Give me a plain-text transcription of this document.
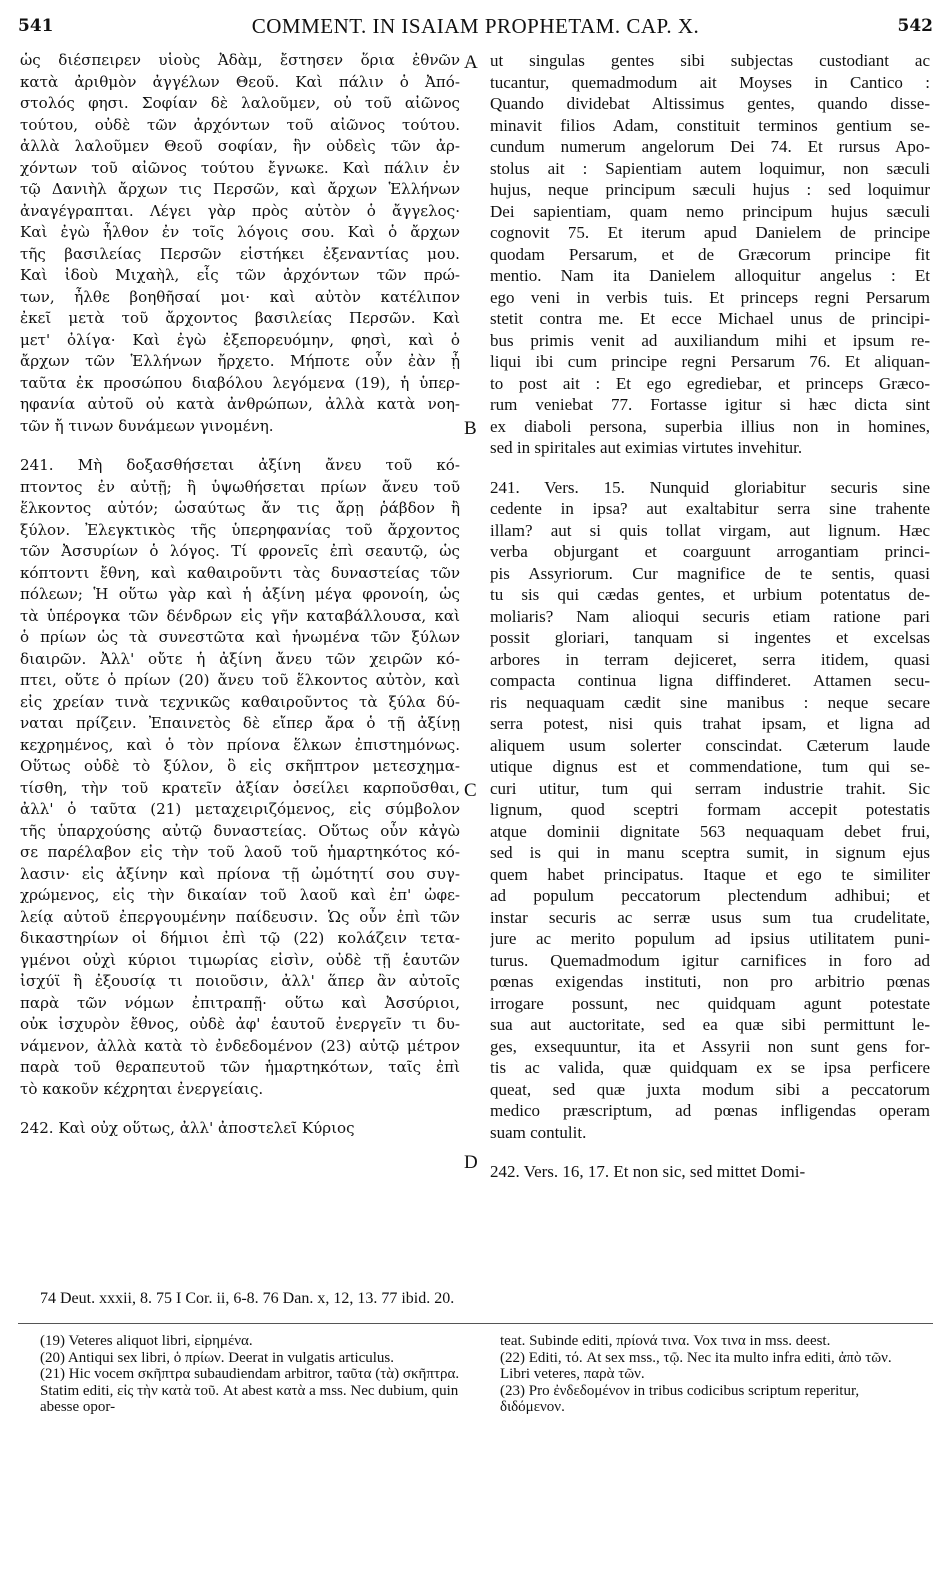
541	COMMENT. IN ISAIAM PROPHETAM. CAP. X.	542
ὡς διέσπειρεν υἱοὺς Ἀδὰμ, ἔστησεν ὅρια ἐθνῶν
κατὰ ἀριθμὸν ἀγγέλων Θεοῦ. Καὶ πάλιν ὁ Ἀπό-
στολός φησι. Σοφίαν δὲ λαλοῦμεν, οὐ τοῦ αἰῶνος
τούτου, οὐδὲ τῶν ἀρχόντων τοῦ αἰῶνος τούτου.
ἀλλὰ λαλοῦμεν Θεοῦ σοφίαν, ἣν οὐδεὶς τῶν ἀρ-
χόντων τοῦ αἰῶνος τούτου ἔγνωκε. Καὶ πάλιν ἐν
τῷ Δανιὴλ ἄρχων τις Περσῶν, καὶ ἄρχων Ἑλλήνων
ἀναγέγραπται. Λέγει γὰρ πρὸς αὐτὸν ὁ ἄγγελος·
Καὶ ἐγὼ ἦλθον ἐν τοῖς λόγοις σου. Καὶ ὁ ἄρχων
τῆς βασιλείας Περσῶν εἱστήκει ἐξεναντίας μου.
Καὶ ἰδοὺ Μιχαὴλ, εἷς τῶν ἀρχόντων τῶν πρώ-
των, ἦλθε βοηθῆσαί μοι· καὶ αὐτὸν κατέλιπον
ἐκεῖ μετὰ τοῦ ἄρχοντος βασιλείας Περσῶν. Καὶ
μετ' ὀλίγα· Καὶ ἐγὼ ἐξεπορευόμην, φησὶ, καὶ ὁ
ἄρχων τῶν Ἑλλήνων ἤρχετο. Μήποτε οὖν ἐὰν ᾖ
ταῦτα ἐκ προσώπου διαβόλου λεγόμενα (19), ἡ ὑπερ-
ηφανία αὐτοῦ οὐ κατὰ ἀνθρώπων, ἀλλὰ κατὰ νοη-
τῶν ἤ τινων δυνάμεων γινομένη.
241. Μὴ δοξασθήσεται ἀξίνη ἄνευ τοῦ κό-
πτοντος ἐν αὐτῇ; ἢ ὑψωθήσεται πρίων ἄνευ τοῦ
ἕλκοντος αὐτόν; ὡσαύτως ἄν τις ἄρῃ ῥάβδον ἢ
ξύλον. Ἐλεγκτικὸς τῆς ὑπερηφανίας τοῦ ἄρχοντος
τῶν Ἀσσυρίων ὁ λόγος. Τί φρονεῖς ἐπὶ σεαυτῷ, ὡς
κόπτοντι ἔθνη, καὶ καθαιροῦντι τὰς δυναστείας τῶν
πόλεων; Ἡ οὕτω γὰρ καὶ ἡ ἀξίνη μέγα φρονοίη, ὡς
τὰ ὑπέρογκα τῶν δένδρων εἰς γῆν καταβάλλουσα, καὶ
ὁ πρίων ὡς τὰ συνεστῶτα καὶ ἡνωμένα τῶν ξύλων
διαιρῶν. Ἀλλ' οὔτε ἡ ἀξίνη ἄνευ τῶν χειρῶν κό-
πτει, οὔτε ὁ πρίων (20) ἄνευ τοῦ ἕλκοντος αὐτὸν, καὶ
εἰς χρείαν τινὰ τεχνικῶς καθαιροῦντος τὰ ξύλα δύ-
ναται πρίζειν. Ἐπαινετὸς δὲ εἴπερ ἄρα ὁ τῇ ἀξίνῃ
κεχρημένος, καὶ ὁ τὸν πρίονα ἕλκων ἐπιστημόνως.
Οὕτως οὐδὲ τὸ ξύλον, ὃ εἰς σκῆπτρον μετεσχημα-
τίσθη, τὴν τοῦ κρατεῖν ἀξίαν ὀσείλει καρποῦσθαι,
ἀλλ' ὁ ταῦτα (21) μεταχειριζόμενος, εἰς σύμβολον
τῆς ὑπαρχούσης αὐτῷ δυναστείας. Οὕτως οὖν κἀγὼ
σε παρέλαβον εἰς τὴν τοῦ λαοῦ τοῦ ἡμαρτηκότος κό-
λασιν· εἰς ἀξίνην καὶ πρίονα τῇ ὠμότητί σου συγ-
χρώμενος, εἰς τὴν δικαίαν τοῦ λαοῦ καὶ ἐπ' ὠφε-
λείᾳ αὐτοῦ ἐπεργουμένην παίδευσιν. Ὡς οὖν ἐπὶ τῶν
δικαστηρίων οἱ δήμιοι ἐπὶ τῷ (22) κολάζειν τετα-
γμένοι οὐχὶ κύριοι τιμωρίας εἰσὶν, οὐδὲ τῇ ἑαυτῶν
ἰσχύϊ ἢ ἐξουσίᾳ τι ποιοῦσιν, ἀλλ' ἅπερ ἂν αὐτοῖς
παρὰ τῶν νόμων ἐπιτραπῇ· οὕτω καὶ Ἀσσύριοι,
οὐκ ἰσχυρὸν ἔθνος, οὐδὲ ἀφ' ἑαυτοῦ ἐνεργεῖν τι δυ-
νάμενον, ἀλλὰ κατὰ τὸ ἐνδεδομένον (23) αὐτῷ μέτρον
παρὰ τοῦ θεραπευτοῦ τῶν ἡμαρτηκότων, ταῖς ἐπὶ
τὸ κακοῦν κέχρηται ἐνεργείαις.
242. Καὶ οὐχ οὕτως, ἀλλ' ἀποστελεῖ Κύριος
ut singulas gentes sibi subjectas custodiant ac
tucantur, quemadmodum ait Moyses in Cantico :
Quando dividebat Altissimus gentes, quando disse-
minavit filios Adam, constituit terminos gentium se-
cundum numerum angelorum Dei 74. Et rursus Apo-
stolus ait : Sapientiam autem loquimur, non sæculi
hujus, neque principum sæculi hujus : sed loquimur
Dei sapientiam, quam nemo principum hujus sæculi
cognovit 75. Et iterum apud Danielem de principe
quodam Persarum, et de Græcorum principe fit
mentio. Nam ita Danielem alloquitur angelus : Et
ego veni in verbis tuis. Et princeps regni Persarum
stetit contra me. Et ecce Michael unus de principi-
bus primis venit ad auxiliandum mihi et ipsum re-
liqui ibi cum principe regni Persarum 76. Et aliquan-
to post ait : Et ego egrediebar, et princeps Græco-
rum veniebat 77. Fortasse igitur si hæc dicta sint
ex diaboli persona, superbia illius non in homines,
sed in spiritales aut eximias virtutes invehitur.
241. Vers. 15. Nunquid gloriabitur securis sine
cedente in ipsa? aut exaltabitur serra sine trahente
illam? aut si quis tollat virgam, aut lignum. Hæc
verba objurgant et coarguunt arrogantiam princi-
pis Assyriorum. Cur magnifice de te sentis, quasi
tu sis qui cædas gentes, et urbium potentatus de-
moliaris? Nam alioqui securis etiam ratione pari
possit gloriari, tanquam si ingentes et excelsas
arbores in terram dejiceret, serra itidem, quasi
compacta continua ligna diffinderet. Attamen secu-
ris nequaquam cædit sine manibus : neque secare
serra potest, nisi quis trahat ipsam, et ligna ad
aliquem usum solerter conscindat. Cæterum laude
utique dignus est et commendatione, tum qui se-
curi utitur, tum qui serram industrie trahit. Sic
lignum, quod sceptri formam accepit potestatis
atque dominii dignitate 563 nequaquam debet frui,
sed is qui in manu sceptra sumit, in signum ejus
quem habet principatus. Itaque et ego te similiter
ad populum peccatorum plectendum adhibui; et
instar securis ac serræ usus sum tua crudelitate,
jure ac merito populum ad ipsius utilitatem puni-
turus. Quemadmodum igitur carnifices in foro ad
pœnas exigendas instituti, non pro arbitrio pœnas
irrogare possunt, nec quidquam agunt potestate
sua aut auctoritate, sed ea quæ sibi permittunt le-
ges, exsequuntur, ita et Assyrii non sunt gens for-
tis ac valida, quæ quidquam ex se ipsa perficere
queat, sed quæ juxta modum sibi a peccatorum
medico præscriptum, ad pœnas infligendas operam
suam contulit.
242. Vers. 16, 17. Et non sic, sed mittet Domi-
A
B
C
D
74 Deut. xxxii, 8. 75 I Cor. ii, 6-8. 76 Dan. x, 12, 13. 77 ibid. 20.

(19) Veteres aliquot libri, εἰρημένα.

(20) Antiqui sex libri, ὁ πρίων. Deerat in vulgatis articulus.

(21) Hic vocem σκῆπτρα subaudiendam arbitror, ταῦτα (τὰ) σκῆπτρα. Statim editi, εἰς τὴν κατὰ τοῦ. At abest κατὰ a mss. Nec dubium, quin abesse opor-

teat. Subinde editi, πρίονά τινα. Vox τινα in mss. deest.

(22) Editi, τό. At sex mss., τῷ. Nec ita multo infra editi, ἀπὸ τῶν. Libri veteres, παρὰ τῶν.

(23) Pro ἐνδεδομένον in tribus codicibus scriptum reperitur, διδόμενον.
